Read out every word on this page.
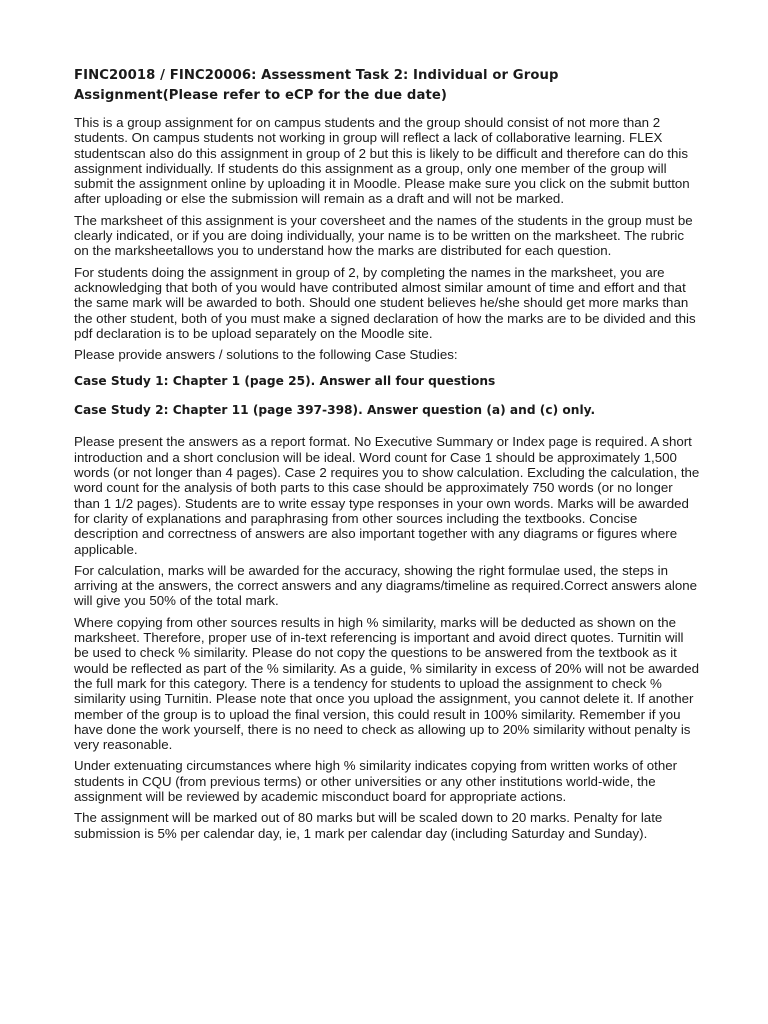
FINC20018 / FINC20006: Assessment Task 2: Individual or Group Assignment(Please refer to eCP for the due date)

This is a group assignment for on campus students and the group should consist of not more than 2 students. On campus students not working in group will reflect a lack of collaborative learning. FLEX studentscan also do this assignment in group of 2 but this is likely to be difficult and therefore can do this assignment individually. If students do this assignment as a group, only one member of the group will submit the assignment online by uploading it in Moodle. Please make sure you click on the submit button after uploading or else the submission will remain as a draft and will not be marked.

The marksheet of this assignment is your coversheet and the names of the students in the group must be clearly indicated, or if you are doing individually, your name is to be written on the marksheet. The rubric on the marksheetallows you to understand how the marks are distributed for each question.

For students doing the assignment in group of 2, by completing the names in the marksheet, you are acknowledging that both of you would have contributed almost similar amount of time and effort and that the same mark will be awarded to both. Should one student believes he/she should get more marks than the other student, both of you must make a signed declaration of how the marks are to be divided and this pdf declaration is to be upload separately on the Moodle site.

Please provide answers / solutions to the following Case Studies:

Case Study 1: Chapter 1 (page 25). Answer all four questions
Case Study 2: Chapter 11 (page 397-398). Answer question (a) and (c) only.

Please present the answers as a report format. No Executive Summary or Index page is required. A short introduction and a short conclusion will be ideal. Word count for Case 1 should be approximately 1,500 words (or not longer than 4 pages). Case 2 requires you to show calculation. Excluding the calculation, the word count for the analysis of both parts to this case should be approximately 750 words (or no longer than 1 1/2 pages). Students are to write essay type responses in your own words. Marks will be awarded for clarity of explanations and paraphrasing from other sources including the textbooks. Concise description and correctness of answers are also important together with any diagrams or figures where applicable.

For calculation, marks will be awarded for the accuracy, showing the right formulae used, the steps in arriving at the answers, the correct answers and any diagrams/timeline as required.Correct answers alone will give you 50% of the total mark.

Where copying from other sources results in high % similarity, marks will be deducted as shown on the marksheet. Therefore, proper use of in-text referencing is important and avoid direct quotes. Turnitin will be used to check % similarity. Please do not copy the questions to be answered from the textbook as it would be reflected as part of the % similarity. As a guide, % similarity in excess of 20% will not be awarded the full mark for this category. There is a tendency for students to upload the assignment to check % similarity using Turnitin. Please note that once you upload the assignment, you cannot delete it. If another member of the group is to upload the final version, this could result in 100% similarity. Remember if you have done the work yourself, there is no need to check as allowing up to 20% similarity without penalty is very reasonable.

Under extenuating circumstances where high % similarity indicates copying from written works of other students in CQU (from previous terms) or other universities or any other institutions world-wide, the assignment will be reviewed by academic misconduct board for appropriate actions.

The assignment will be marked out of 80 marks but will be scaled down to 20 marks. Penalty for late submission is 5% per calendar day, ie, 1 mark per calendar day (including Saturday and Sunday).
